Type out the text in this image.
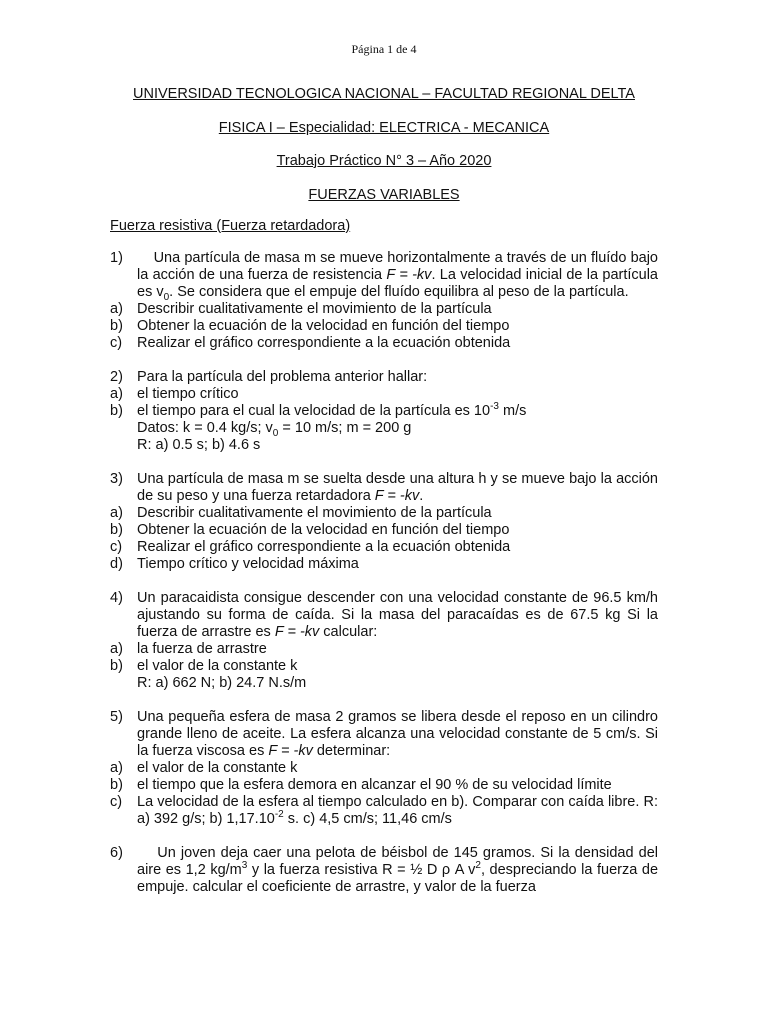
Página 1 de 4
UNIVERSIDAD TECNOLOGICA NACIONAL – FACULTAD REGIONAL DELTA
FISICA I – Especialidad: ELECTRICA - MECANICA
Trabajo Práctico N° 3 – Año 2020
FUERZAS VARIABLES
Fuerza resistiva (Fuerza retardadora)
1)	Una partícula de masa m se mueve horizontalmente a través de un fluído bajo la acción de una fuerza de resistencia F = -kv. La velocidad inicial de la partícula es $v_0$. Se considera que el empuje del fluído equilibra al peso de la partícula.
a) Describir cualitativamente el movimiento de la partícula
b) Obtener la ecuación de la velocidad en función del tiempo
c)	Realizar el gráfico correspondiente a la ecuación obtenida
2) Para la partícula del problema anterior hallar:
a) el tiempo crítico
b) el tiempo para el cual la velocidad de la partícula es $10^{-3}$ m/s
Datos: k = 0.4 kg/s; $v_0 = 10$ m/s; m = 200 g
R: a) 0.5 s; b) 4.6 s
3) Una partícula de masa m se suelta desde una altura h y se mueve bajo la acción de su peso y una fuerza retardadora F = -kv.
a) Describir cualitativamente el movimiento de la partícula
b) Obtener la ecuación de la velocidad en función del tiempo
c)	Realizar el gráfico correspondiente a la ecuación obtenida
d) Tiempo crítico y velocidad máxima
4) Un paracaidista consigue descender con una velocidad constante de 96.5 km/h ajustando su forma de caída. Si la masa del paracaídas es de 67.5 kg Si la fuerza de arrastre es F = -kv calcular:
a) la fuerza de arrastre
b) el valor de la constante k
R: a) 662 N; b) 24.7 N.s/m
5) Una pequeña esfera de masa 2 gramos se libera desde el reposo en un cilindro grande lleno de aceite. La esfera alcanza una velocidad constante de 5 cm/s. Si la fuerza viscosa es F = -kv determinar:
a) el valor de la constante k
b) el tiempo que la esfera demora en alcanzar el 90 % de su velocidad límite
c)	La velocidad de la esfera al tiempo calculado en b). Comparar con caída libre. R: a) 392 g/s; b) $1,17.10^{-2}$ s. c) 4,5 cm/s; 11,46 cm/s
6)	Un joven deja caer una pelota de béisbol de 145 gramos. Si la densidad del aire es 1,2 $kg/m^3$ y la fuerza resistiva R = ½ D ρ A $v^2$, despreciando la fuerza de empuje. calcular el coeficiente de arrastre, y valor de la fuerza
